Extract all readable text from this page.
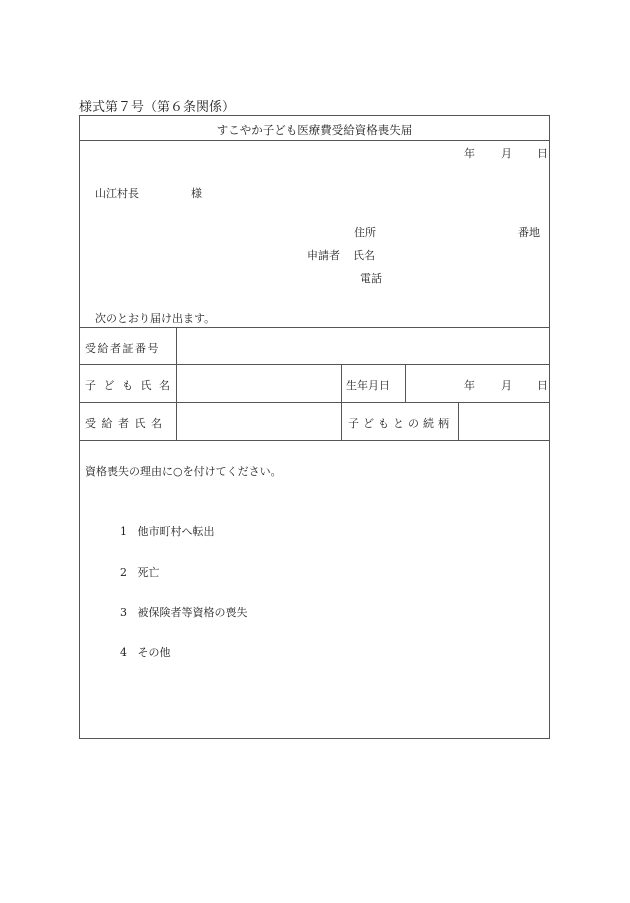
様式第７号（第６条関係）
すこやか子ども医療費受給資格喪失届
年 月 日
山江村長	様
住所	番地
申請者 氏名
電話
次のとおり届け出ます。
受給者証番号
子ども氏名	生年月日	年 月 日
受給者氏名	子どもとの続柄
資格喪失の理由に○を付けてください。
1 他市町村へ転出
2 死亡
3 被保険者等資格の喪失
4 その他
